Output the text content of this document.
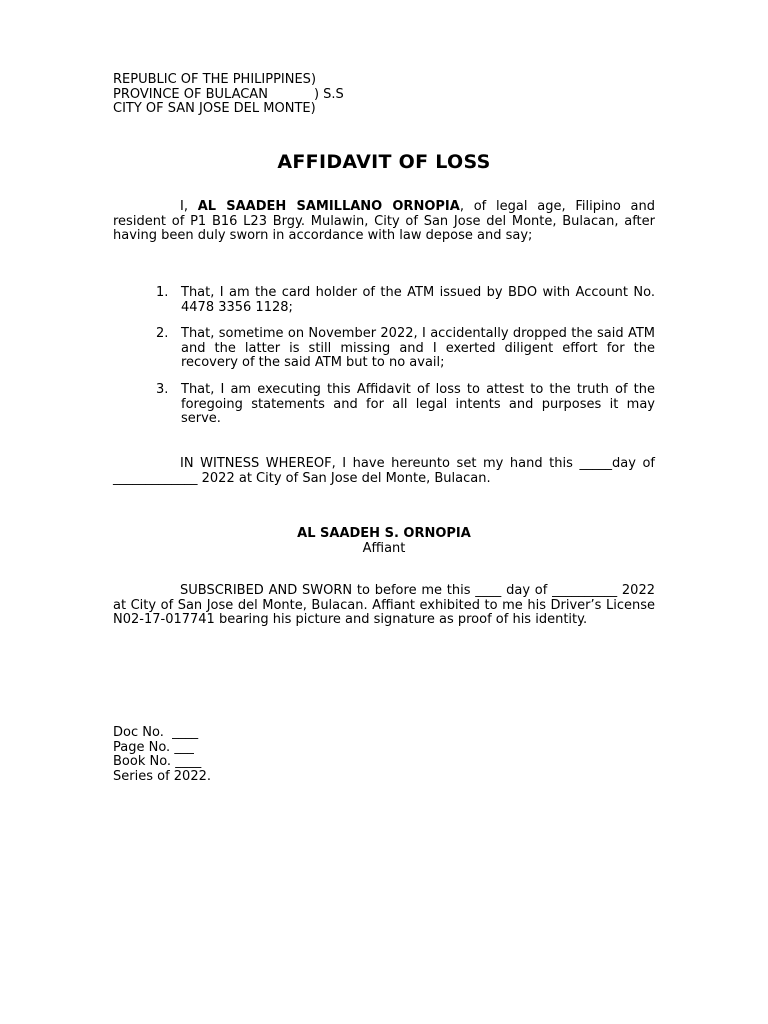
REPUBLIC OF THE PHILIPPINES)

PROVINCE OF BULACAN	) S.S

CITY OF SAN JOSE DEL MONTE)

AFFIDAVIT OF LOSS

I, AL SAADEH SAMILLANO ORNOPIA, of legal age, Filipino and resident of P1 B16 L23 Brgy. Mulawin, City of San Jose del Monte, Bulacan, after having been duly sworn in accordance with law depose and say;

1. That, I am the card holder of the ATM issued by BDO with Account No. 4478 3356 1128;
2. That, sometime on November 2022, I accidentally dropped the said ATM and the latter is still missing and I exerted diligent effort for the recovery of the said ATM but to no avail;
3. That, I am executing this Affidavit of loss to attest to the truth of the foregoing statements and for all legal intents and purposes it may serve.

IN WITNESS WHEREOF, I have hereunto set my hand this _____day of _____________ 2022 at City of San Jose del Monte, Bulacan.

AL SAADEH S. ORNOPIA

Affiant

SUBSCRIBED AND SWORN to before me this ____ day of __________ 2022 at City of San Jose del Monte, Bulacan. Affiant exhibited to me his Driver’s License N02-17-017741 bearing his picture and signature as proof of his identity.

Doc No.  ____

Page No. ___

Book No. ____

Series of 2022.
